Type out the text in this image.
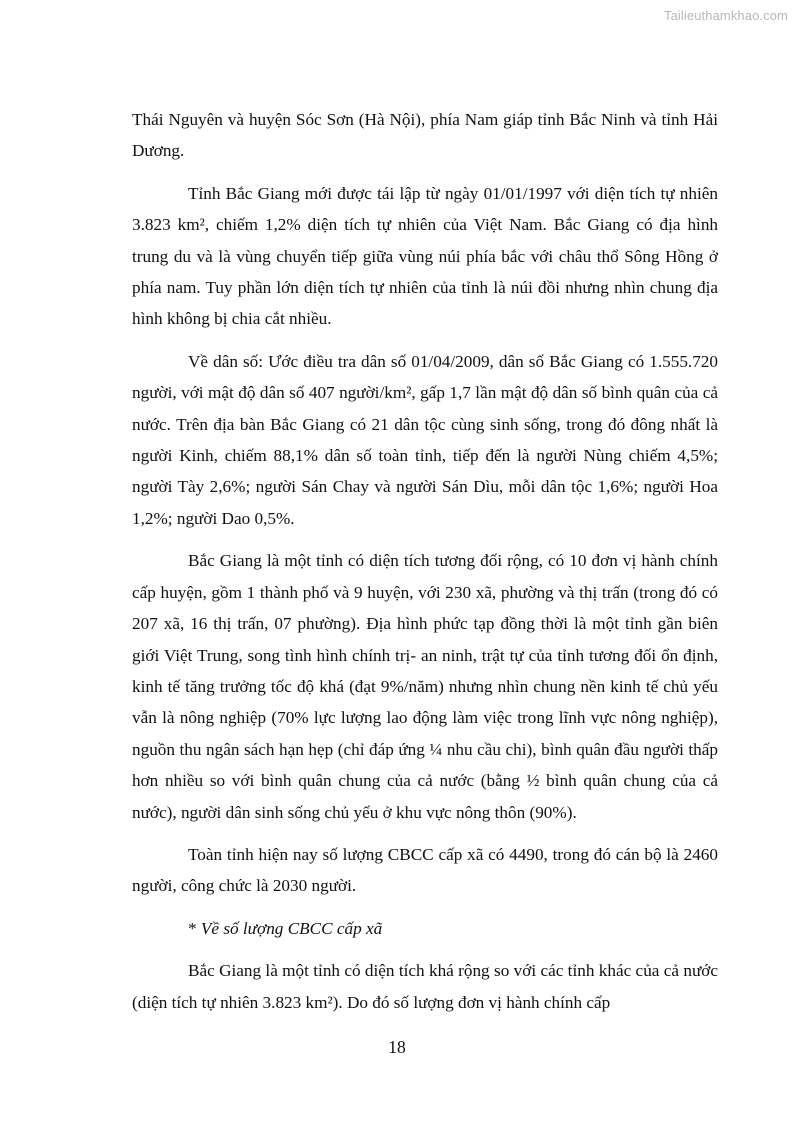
Tailieuthamkhao.com

Thái Nguyên và huyện Sóc Sơn (Hà Nội), phía Nam giáp tỉnh Bắc Ninh và tỉnh Hải Dương.

Tỉnh Bắc Giang mới được tái lập từ ngày 01/01/1997 với diện tích tự nhiên 3.823 km², chiếm 1,2% diện tích tự nhiên của Việt Nam. Bắc Giang có địa hình trung du và là vùng chuyển tiếp giữa vùng núi phía bắc với châu thổ Sông Hồng ở phía nam. Tuy phần lớn diện tích tự nhiên của tỉnh là núi đồi nhưng nhìn chung địa hình không bị chia cắt nhiều.

Về dân số: Ước điều tra dân số 01/04/2009, dân số Bắc Giang có 1.555.720 người, với mật độ dân số 407 người/km², gấp 1,7 lần mật độ dân số bình quân của cả nước. Trên địa bàn Bắc Giang có 21 dân tộc cùng sinh sống, trong đó đông nhất là người Kinh, chiếm 88,1% dân số toàn tỉnh, tiếp đến là người Nùng chiếm 4,5%; người Tày 2,6%; người Sán Chay và người Sán Dìu, mỗi dân tộc 1,6%; người Hoa 1,2%; người Dao 0,5%.

Bắc Giang là một tỉnh có diện tích tương đối rộng, có 10 đơn vị hành chính cấp huyện, gồm 1 thành phố và 9 huyện, với 230 xã, phường và thị trấn (trong đó có 207 xã, 16 thị trấn, 07 phường). Địa hình phức tạp đồng thời là một tỉnh gần biên giới Việt Trung, song tình hình chính trị- an ninh, trật tự của tỉnh tương đối ổn định, kinh tế tăng trưởng tốc độ khá (đạt 9%/năm) nhưng nhìn chung nền kinh tế chủ yếu vẫn là nông nghiệp (70% lực lượng lao động làm việc trong lĩnh vực nông nghiệp), nguồn thu ngân sách hạn hẹp (chỉ đáp ứng ¼ nhu cầu chi), bình quân đầu người thấp hơn nhiều so với bình quân chung của cả nước (bằng ½ bình quân chung của cả nước), người dân sinh sống chủ yếu ở khu vực nông thôn (90%).

Toàn tỉnh hiện nay số lượng CBCC cấp xã có 4490, trong đó cán bộ là 2460 người, công chức là 2030 người.

* Về số lượng CBCC cấp xã

Bắc Giang là một tỉnh có diện tích khá rộng so với các tỉnh khác của cả nước (diện tích tự nhiên 3.823 km²). Do đó số lượng đơn vị hành chính cấp

18
